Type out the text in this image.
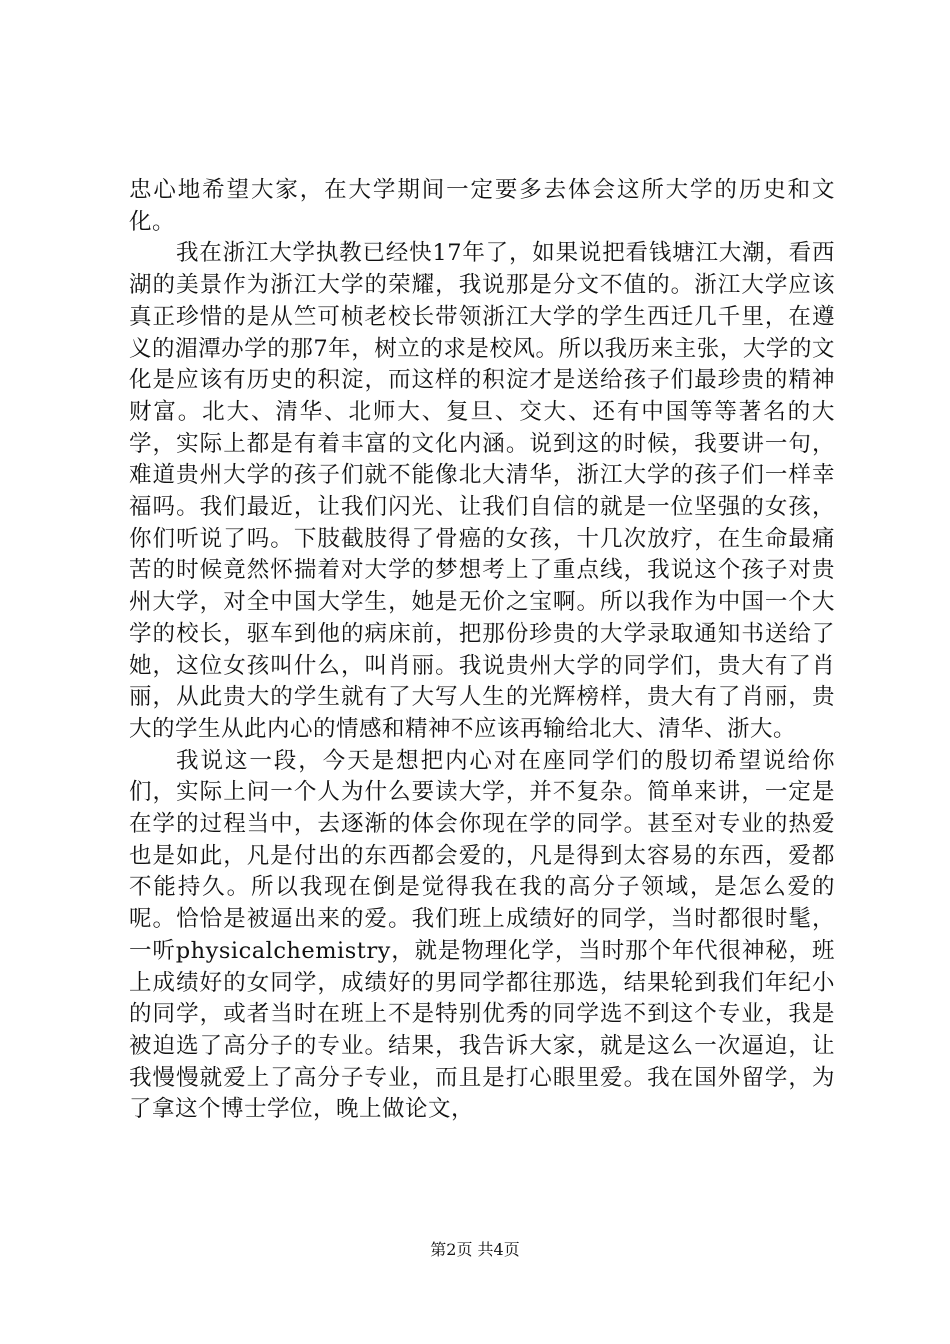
忠心地希望大家，在大学期间一定要多去体会这所大学的历史和文化。

我在浙江大学执教已经快17年了，如果说把看钱塘江大潮，看西湖的美景作为浙江大学的荣耀，我说那是分文不值的。浙江大学应该真正珍惜的是从竺可桢老校长带领浙江大学的学生西迁几千里，在遵义的湄潭办学的那7年，树立的求是校风。所以我历来主张，大学的文化是应该有历史的积淀，而这样的积淀才是送给孩子们最珍贵的精神财富。北大、清华、北师大、复旦、交大、还有中国等等著名的大学，实际上都是有着丰富的文化内涵。说到这的时候，我要讲一句，难道贵州大学的孩子们就不能像北大清华，浙江大学的孩子们一样幸福吗。我们最近，让我们闪光、让我们自信的就是一位坚强的女孩，你们听说了吗。下肢截肢得了骨癌的女孩，十几次放疗，在生命最痛苦的时候竟然怀揣着对大学的梦想考上了重点线，我说这个孩子对贵州大学，对全中国大学生，她是无价之宝啊。所以我作为中国一个大学的校长，驱车到他的病床前，把那份珍贵的大学录取通知书送给了她，这位女孩叫什么，叫肖丽。我说贵州大学的同学们，贵大有了肖丽，从此贵大的学生就有了大写人生的光辉榜样，贵大有了肖丽，贵大的学生从此内心的情感和精神不应该再输给北大、清华、浙大。

我说这一段，今天是想把内心对在座同学们的殷切希望说给你们，实际上问一个人为什么要读大学，并不复杂。简单来讲，一定是在学的过程当中，去逐渐的体会你现在学的同学。甚至对专业的热爱也是如此，凡是付出的东西都会爱的，凡是得到太容易的东西，爱都不能持久。所以我现在倒是觉得我在我的高分子领域，是怎么爱的呢。恰恰是被逼出来的爱。我们班上成绩好的同学，当时都很时髦，一听physicalchemistry，就是物理化学，当时那个年代很神秘，班上成绩好的女同学，成绩好的男同学都往那选，结果轮到我们年纪小的同学，或者当时在班上不是特别优秀的同学选不到这个专业，我是被迫选了高分子的专业。结果，我告诉大家，就是这么一次逼迫，让我慢慢就爱上了高分子专业，而且是打心眼里爱。我在国外留学，为了拿这个博士学位，晚上做论文，

第2页 共4页
